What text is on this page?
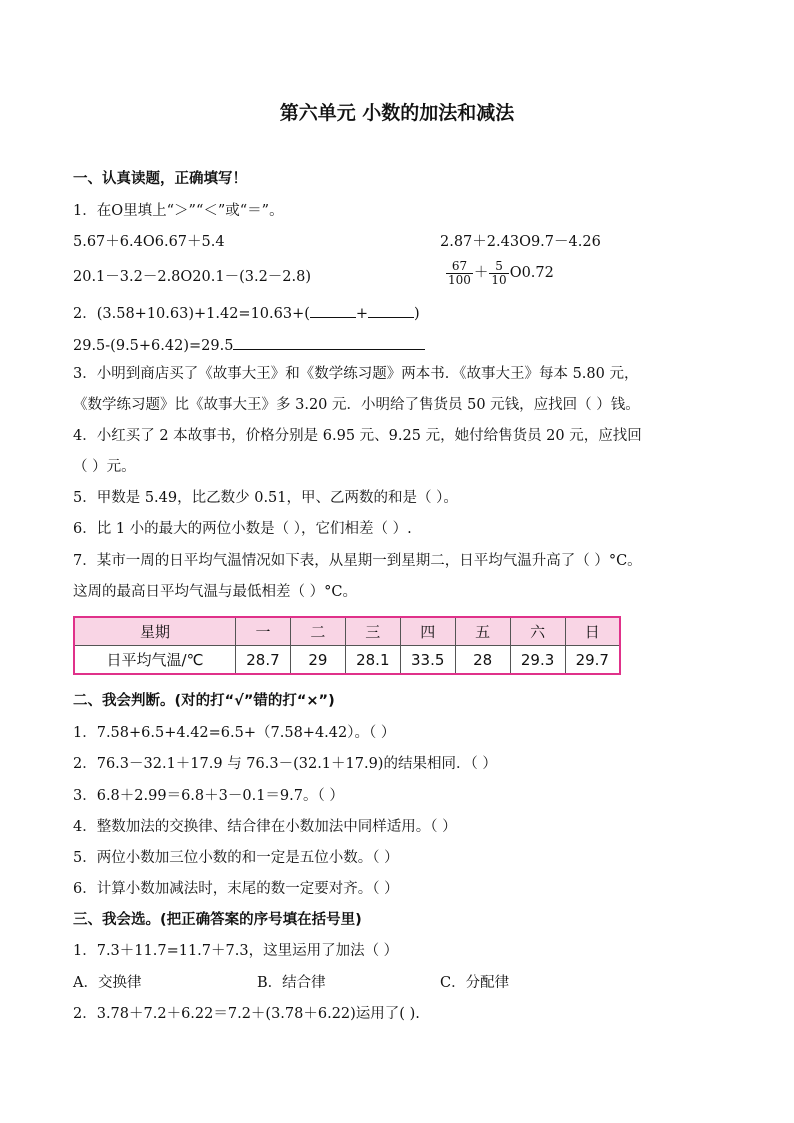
第六单元 小数的加法和减法
一、认真读题，正确填写！
1．在O里填上“＞”“＜”或“＝”。
5.67＋6.4O6.67＋5.4	2.87＋2.43O9.7－4.26
20.1－3.2－2.8O20.1－(3.2－2.8)	$\frac{67}{100} + \frac{5}{10} O0.72$
2．(3.58+10.63)+1.42=10.63+(	+	)
29.5-(9.5+6.42)=29.5
3．小明到商店买了《故事大王》和《数学练习题》两本书．《故事大王》每本 5.80 元，
《数学练习题》比《故事大王》多 3.20 元．小明给了售货员 50 元钱，应找回（ ）钱。
4．小红买了 2 本故事书，价格分别是 6.95 元、9.25 元，她付给售货员 20 元，应找回
（ ）元。
5．甲数是 5.49，比乙数少 0.51，甲、乙两数的和是（ ）。
6．比 1 小的最大的两位小数是（ ），它们相差（ ）.
7．某市一周的日平均气温情况如下表，从星期一到星期二，日平均气温升高了（ ）°C。
这周的最高日平均气温与最低相差（ ）°C。
星期	一	二	三	四	五	六	日
日平均气温/℃	28.7	29	28.1	33.5	28	29.3	29.7
二、我会判断。(对的打“√”错的打“×”)
1．7.58+6.5+4.42=6.5+（7.58+4.42）。（ ）
2．76.3－32.1＋17.9 与 76.3－(32.1＋17.9)的结果相同．（ ）
3．6.8＋2.99＝6.8＋3－0.1＝9.7。（ ）
4．整数加法的交换律、结合律在小数加法中同样适用。（ ）
5．两位小数加三位小数的和一定是五位小数。（ ）
6．计算小数加减法时，末尾的数一定要对齐。（ ）
三、我会选。(把正确答案的序号填在括号里)
1．7.3＋11.7=11.7＋7.3，这里运用了加法（ ）
A．交换律	B．结合律	C．分配律
2．3.78＋7.2＋6.22＝7.2＋(3.78＋6.22)运用了( ).
